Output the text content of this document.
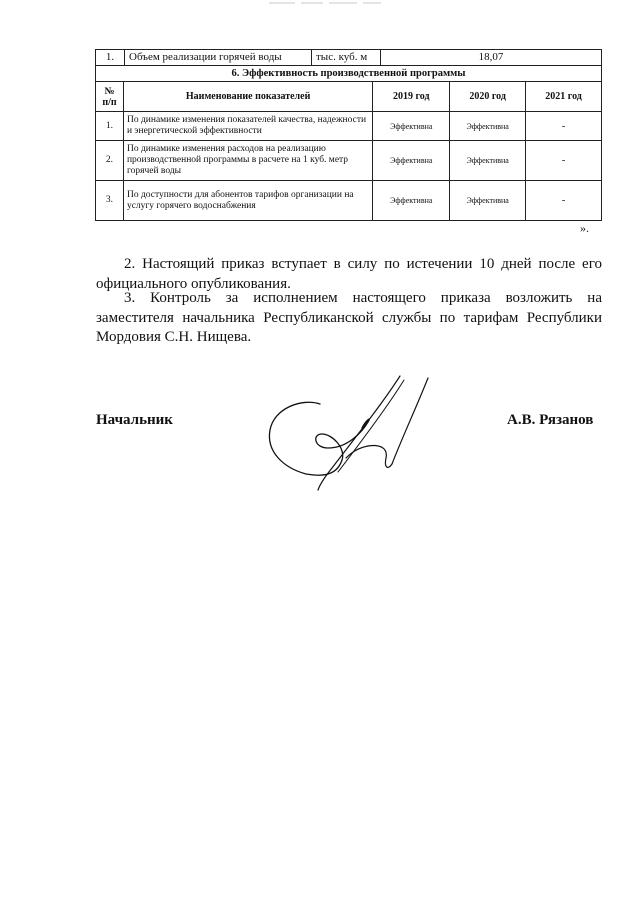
1.	Объем реализации горячей воды	тыс. куб. м	18,07
6. Эффективность производственной программы				
№ п/п	Наименование показателей	2019 год	2020 год	2021 год
1.	По динамике изменения показателей качества, надежности и энергетической эффективности	Эффективна	Эффективна	-
2.	По динамике изменения расходов на реализацию производственной программы в расчете на 1 куб. метр горячей воды	Эффективна	Эффективна	-
3.	По доступности для абонентов тарифов организации на услугу горячего водоснабжения	Эффективна	Эффективна	-
».
2. Настоящий приказ вступает в силу по истечении 10 дней после его официального опубликования.
3. Контроль за исполнением настоящего приказа возложить на заместителя начальника Республиканской службы по тарифам Республики Мордовия С.Н. Нищева.
Начальник	А.В. Рязанов
